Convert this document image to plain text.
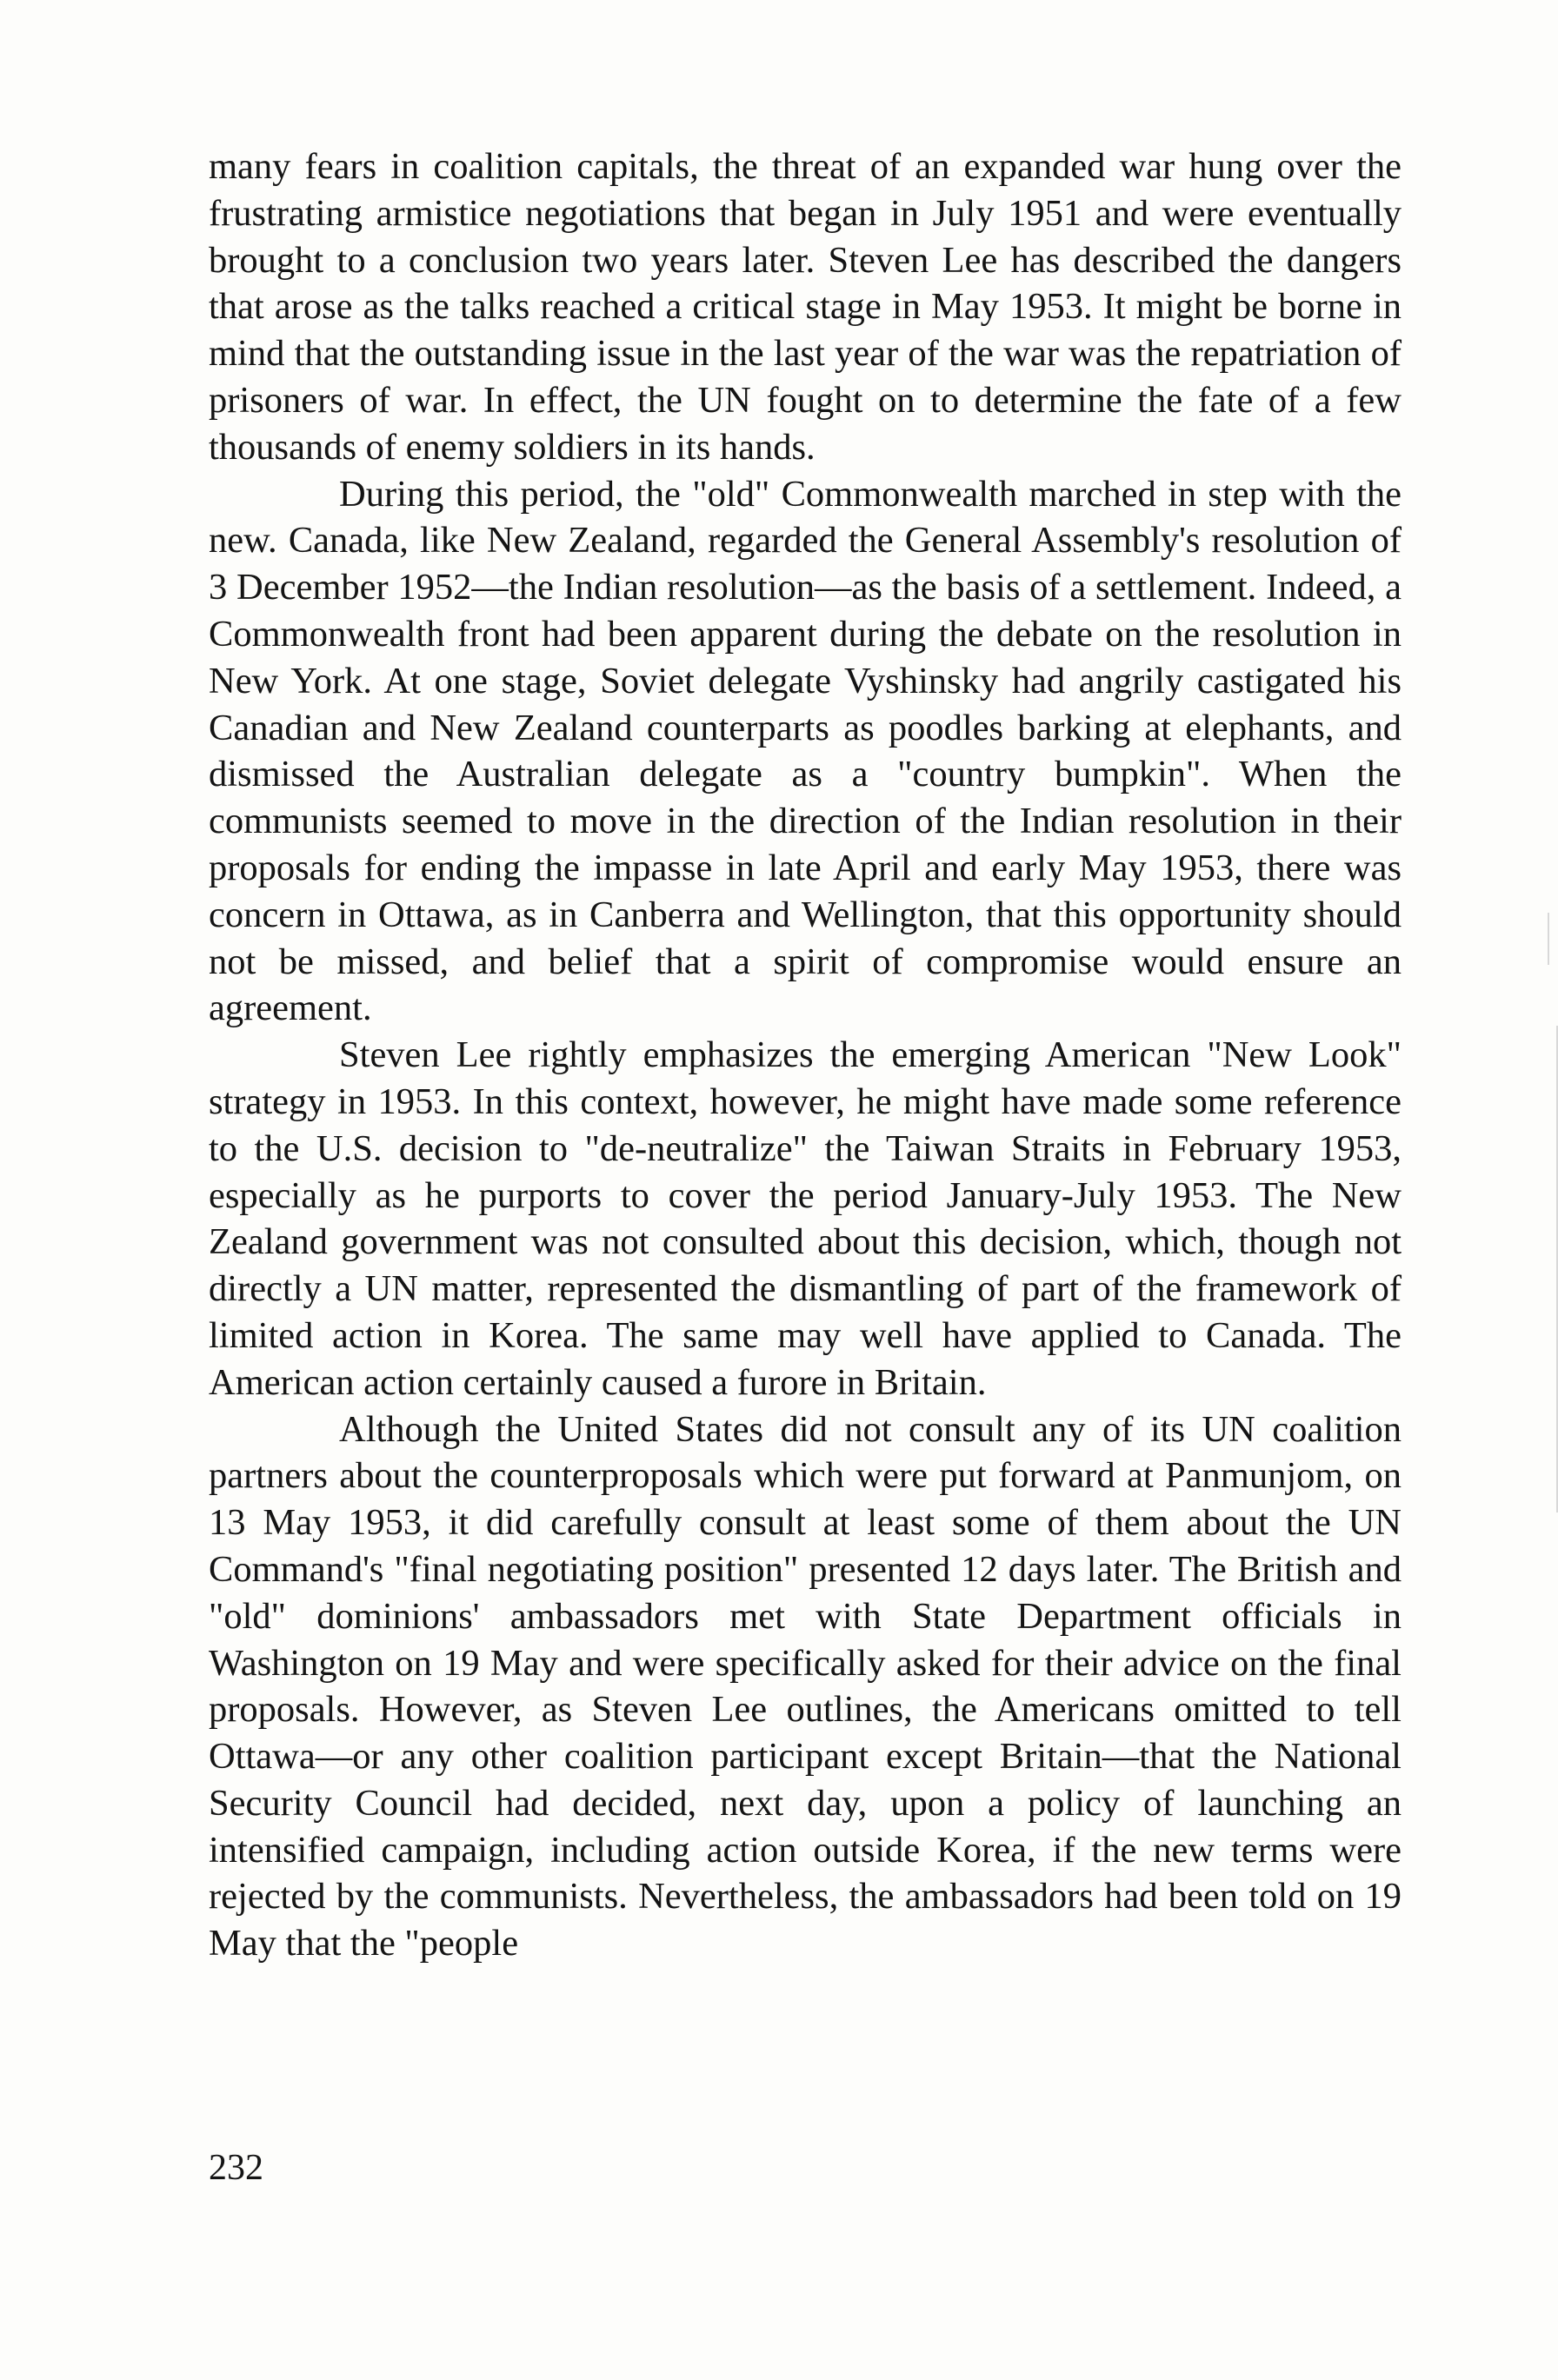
many fears in coalition capitals, the threat of an expanded war hung over the frustrating armistice negotiations that began in July 1951 and were eventually brought to a conclusion two years later. Steven Lee has described the dangers that arose as the talks reached a critical stage in May 1953. It might be borne in mind that the outstanding issue in the last year of the war was the repatriation of prisoners of war. In effect, the UN fought on to determine the fate of a few thousands of enemy soldiers in its hands.

During this period, the "old" Commonwealth marched in step with the new. Canada, like New Zealand, regarded the General Assembly's resolution of 3 December 1952—the Indian resolution—as the basis of a settlement. Indeed, a Commonwealth front had been apparent during the debate on the resolution in New York. At one stage, Soviet delegate Vyshinsky had angrily castigated his Canadian and New Zealand counterparts as poodles barking at elephants, and dismissed the Australian delegate as a "country bumpkin". When the communists seemed to move in the direction of the Indian resolution in their proposals for ending the impasse in late April and early May 1953, there was concern in Ottawa, as in Canberra and Wellington, that this opportunity should not be missed, and belief that a spirit of compromise would ensure an agreement.

Steven Lee rightly emphasizes the emerging American "New Look" strategy in 1953. In this context, however, he might have made some reference to the U.S. decision to "de-neutralize" the Taiwan Straits in February 1953, especially as he purports to cover the period January-July 1953. The New Zealand government was not consulted about this decision, which, though not directly a UN matter, represented the dismantling of part of the framework of limited action in Korea. The same may well have applied to Canada. The American action certainly caused a furore in Britain.

Although the United States did not consult any of its UN coalition partners about the counterproposals which were put forward at Panmunjom, on 13 May 1953, it did carefully consult at least some of them about the UN Command's "final negotiating position" presented 12 days later. The British and "old" dominions' ambassadors met with State Department officials in Washington on 19 May and were specifically asked for their advice on the final proposals. However, as Steven Lee outlines, the Americans omitted to tell Ottawa—or any other coalition participant except Britain—that the National Security Council had decided, next day, upon a policy of launching an intensified campaign, including action outside Korea, if the new terms were rejected by the communists. Nevertheless, the ambassadors had been told on 19 May that the "people

232
